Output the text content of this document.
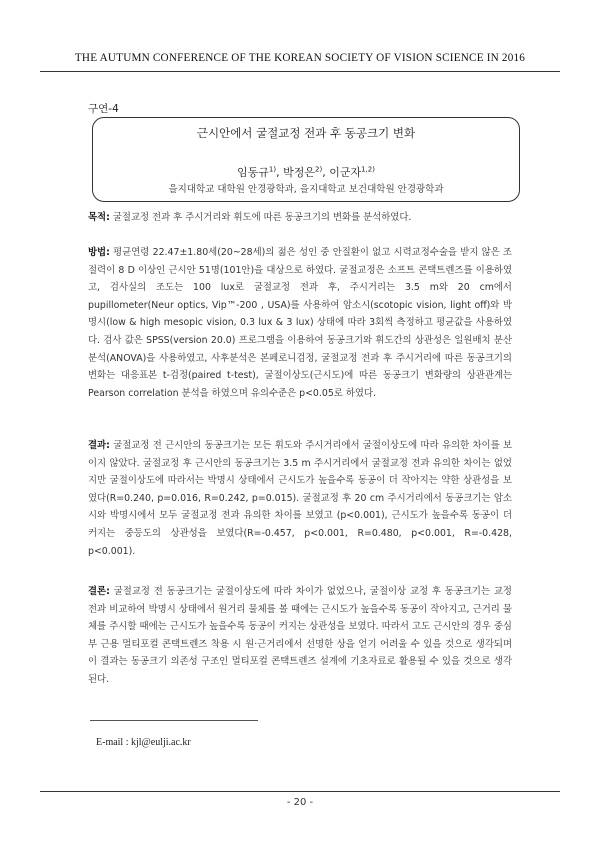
THE AUTUMN CONFERENCE OF THE KOREAN SOCIETY OF VISION SCIENCE IN 2016
구연-4
근시안에서 굴절교정 전과 후 동공크기 변화
임동규$^{1)}$, 박정은$^{2)}$, 이군자$^{1,2)}$
을지대학교 대학원 안경광학과, 을지대학교 보건대학원 안경광학과
목적: 굴절교정 전과 후 주시거리와 휘도에 따른 동공크기의 변화를 분석하였다.
방법: 평균연령 22.47±1.80세(20~28세)의 젊은 성인 중 안질환이 없고 시력교정수술을 받지 않은 조절력이 8 D 이상인 근시안 51명(101안)을 대상으로 하였다. 굴절교정은 소프트 콘택트렌즈를 이용하였고, 검사실의 조도는 100 lux로 굴절교정 전과 후, 주시거리는 3.5 m와 20 cm에서 pupillometer(Neur optics, Vip™-200 , USA)를 사용하여 암소시(scotopic vision, light off)와 박명시(low & high mesopic vision, 0.3 lux & 3 lux) 상태에 따라 3회씩 측정하고 평균값을 사용하였다. 검사 값은 SPSS(version 20.0) 프로그램을 이용하여 동공크기와 휘도간의 상관성은 일원배치 분산분석(ANOVA)을 사용하였고, 사후분석은 본페로니검정, 굴절교정 전과 후 주시거리에 따른 동공크기의 변화는 대응표본 t-검정(paired t-test), 굴절이상도(근시도)에 따른 동공크기 변화량의 상관관계는 Pearson correlation 분석을 하였으며 유의수준은 p<0.05로 하였다.
결과: 굴절교정 전 근시안의 동공크기는 모든 휘도와 주시거리에서 굴절이상도에 따라 유의한 차이를 보이지 않았다. 굴절교정 후 근시안의 동공크기는 3.5 m 주시거리에서 굴절교정 전과 유의한 차이는 없었지만 굴절이상도에 따라서는 박명시 상태에서 근시도가 높을수록 동공이 더 작아지는 약한 상관성을 보였다(R=0.240, p=0.016, R=0.242, p=0.015). 굴절교정 후 20 cm 주시거리에서 동공크기는 암소시와 박명시에서 모두 굴절교정 전과 유의한 차이를 보였고 (p<0.001), 근시도가 높을수록 동공이 더 커지는 중등도의 상관성을 보였다(R=-0.457, p<0.001, R=0.480, p<0.001, R=-0.428, p<0.001).
결론: 굴절교정 전 동공크기는 굴절이상도에 따라 차이가 없었으나, 굴절이상 교정 후 동공크기는 교정 전과 비교하여 박명시 상태에서 원거리 물체를 볼 때에는 근시도가 높을수록 동공이 작아지고, 근거리 물체를 주시할 때에는 근시도가 높을수록 동공이 커지는 상관성을 보였다. 따라서 고도 근시안의 경우 중심부 근용 멀티포컬 콘택트렌즈 착용 시 원·근거리에서 선명한 상을 얻기 어려울 수 있을 것으로 생각되며 이 결과는 동공크기 의존성 구조인 멀티포컬 콘택트렌즈 설계에 기초자료로 활용될 수 있을 것으로 생각된다.
E-mail : kjl@eulji.ac.kr
- 20 -
